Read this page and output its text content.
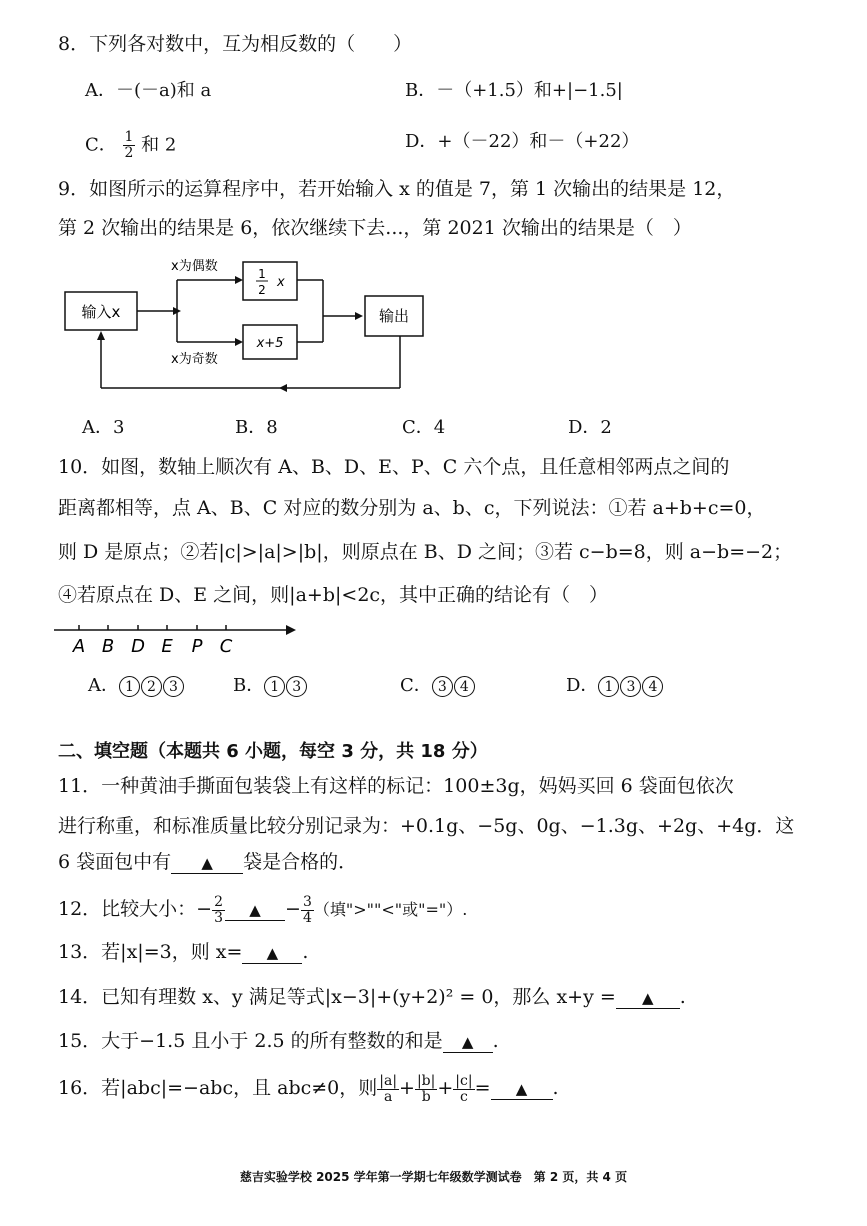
8．下列各对数中，互为相反数的（　　）
A．－(－a)和 a	B．－（+1.5）和+|−1.5|
C． $\frac{1}{2}$ 和 2	D．+（－22）和－（+22）
9．如图所示的运算程序中，若开始输入 x 的值是 7，第 1 次输出的结果是 12，
第 2 次输出的结果是 6，依次继续下去...，第 2021 次输出的结果是（　）
输入x
x为偶数	1
2 x
x为奇数
x+5
输出
A．3	B．8	C．4	D．2
10．如图，数轴上顺次有 A、B、D、E、P、C 六个点，且任意相邻两点之间的
距离都相等，点 A、B、C 对应的数分别为 a、b、c，下列说法：①若 a+b+c=0，
则 D 是原点；②若|c|>|a|>|b|，则原点在 B、D 之间；③若 c−b=8，则 a−b=−2；
④若原点在 D、E 之间，则|a+b|<2c，其中正确的结论有（　）
A B D E P C
A． 1 2 3	B． 1 3	C． 3 4	D． 1 3 4
二、填空题（本题共 6 小题，每空 3 分，共 18 分）
11．一种黄油手撕面包装袋上有这样的标记：100±3g，妈妈买回 6 袋面包依次
进行称重，和标准质量比较分别记录为：+0.1g、−5g、0g、−1.3g、+2g、+4g．这
6 袋面包中有 ▲ 袋是合格的．
12．比较大小：− $\frac{2}{3}$ ▲ − $\frac{3}{4}$ （填">""<"或"="）.
13．若|x|=3，则 x= ▲ .
14．已知有理数 x、y 满足等式|x−3|+(y+2)² = 0，那么 x+y = ▲ .
15．大于−1.5 且小于 2.5 的所有整数的和是 ▲ .
16．若|abc|=−abc，且 abc≠0，则 $\frac{|a|}{a} + \frac{|b|}{b} + \frac{|c|}{c}$ = ▲ .
慈吉实验学校 2025 学年第一学期七年级数学测试卷　第 2 页，共 4 页
